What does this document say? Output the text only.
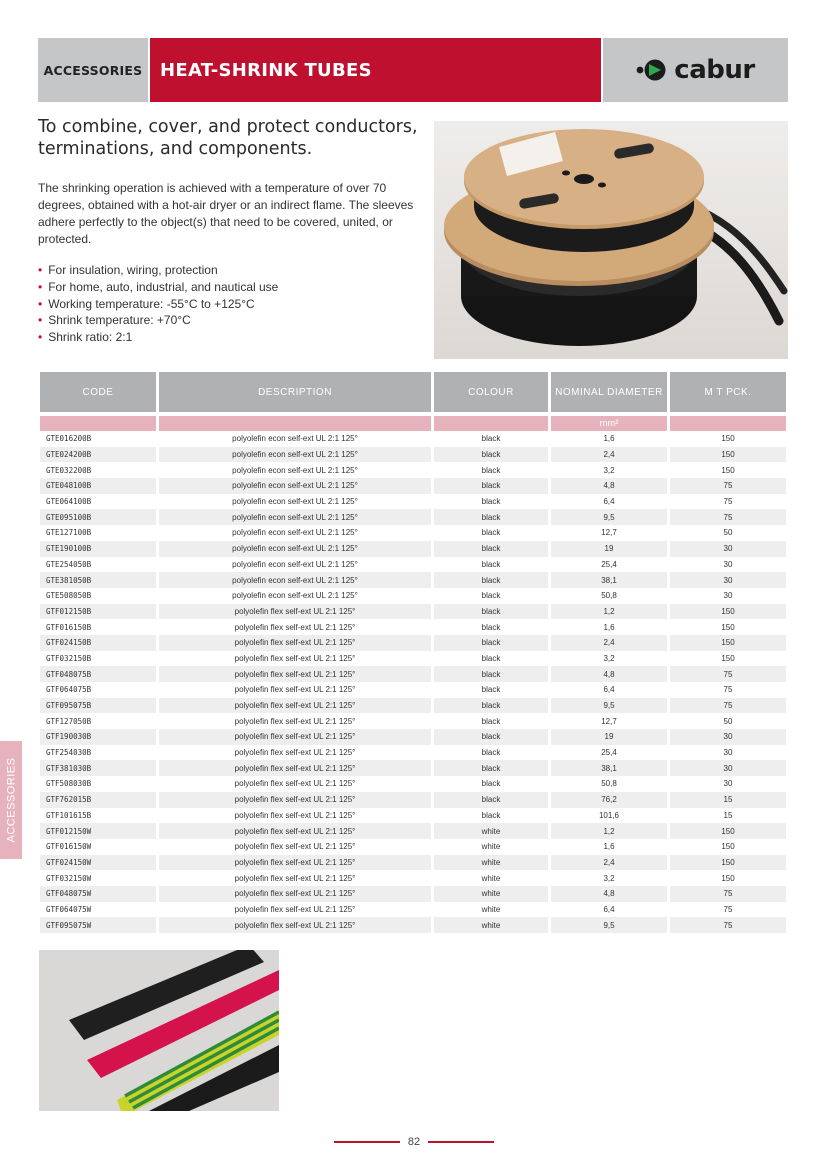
ACCESSORIES HEAT-SHRINK TUBES	cabur
To combine, cover, and protect conductors, terminations, and components.

The shrinking operation is achieved with a temperature of over 70 degrees, obtained with a hot-air dryer or an indirect flame. The sleeves adhere perfectly to the object(s) that need to be covered, united, or protected.

• For insulation, wiring, protection
• For home, auto, industrial, and nautical use
• Working temperature: -55°C to +125°C
• Shrink temperature: +70°C
• Shrink ratio: 2:1
CODE	DESCRIPTION	COLOUR	NOMINAL DIAMETER	M T PCK.
			mm²	
GTE016200B	polyolefin econ self-ext UL 2:1 125°	black	1,6	150
GTE024200B	polyolefin econ self-ext UL 2:1 125°	black	2,4	150
GTE032200B	polyolefin econ self-ext UL 2:1 125°	black	3,2	150
GTE048100B	polyolefin econ self-ext UL 2:1 125°	black	4,8	75
GTE064100B	polyolefin econ self-ext UL 2:1 125°	black	6,4	75
GTE095100B	polyolefin econ self-ext UL 2:1 125°	black	9,5	75
GTE127100B	polyolefin econ self-ext UL 2:1 125°	black	12,7	50
GTE190100B	polyolefin econ self-ext UL 2:1 125°	black	19	30
GTE254050B	polyolefin econ self-ext UL 2:1 125°	black	25,4	30
GTE381050B	polyolefin econ self-ext UL 2:1 125°	black	38,1	30
GTE508050B	polyolefin econ self-ext UL 2:1 125°	black	50,8	30
GTF012150B	polyolefin flex self-ext UL 2:1 125°	black	1,2	150
GTF016150B	polyolefin flex self-ext UL 2:1 125°	black	1,6	150
GTF024150B	polyolefin flex self-ext UL 2:1 125°	black	2,4	150
GTF032150B	polyolefin flex self-ext UL 2:1 125°	black	3,2	150
GTF048075B	polyolefin flex self-ext UL 2:1 125°	black	4,8	75
GTF064075B	polyolefin flex self-ext UL 2:1 125°	black	6,4	75
GTF095075B	polyolefin flex self-ext UL 2:1 125°	black	9,5	75
GTF127050B	polyolefin flex self-ext UL 2:1 125°	black	12,7	50
GTF190030B	polyolefin flex self-ext UL 2:1 125°	black	19	30
GTF254030B	polyolefin flex self-ext UL 2:1 125°	black	25,4	30
GTF381030B	polyolefin flex self-ext UL 2:1 125°	black	38,1	30
GTF508030B	polyolefin flex self-ext UL 2:1 125°	black	50,8	30
GTF762015B	polyolefin flex self-ext UL 2:1 125°	black	76,2	15
GTF101615B	polyolefin flex self-ext UL 2:1 125°	black	101,6	15
GTF012150W	polyolefin flex self-ext UL 2:1 125°	white	1,2	150
GTF016150W	polyolefin flex self-ext UL 2:1 125°	white	1,6	150
GTF024150W	polyolefin flex self-ext UL 2:1 125°	white	2,4	150
GTF032150W	polyolefin flex self-ext UL 2:1 125°	white	3,2	150
GTF048075W	polyolefin flex self-ext UL 2:1 125°	white	4,8	75
GTF064075W	polyolefin flex self-ext UL 2:1 125°	white	6,4	75
GTF095075W	polyolefin flex self-ext UL 2:1 125°	white	9,5	75
ACCESSORIES
82
